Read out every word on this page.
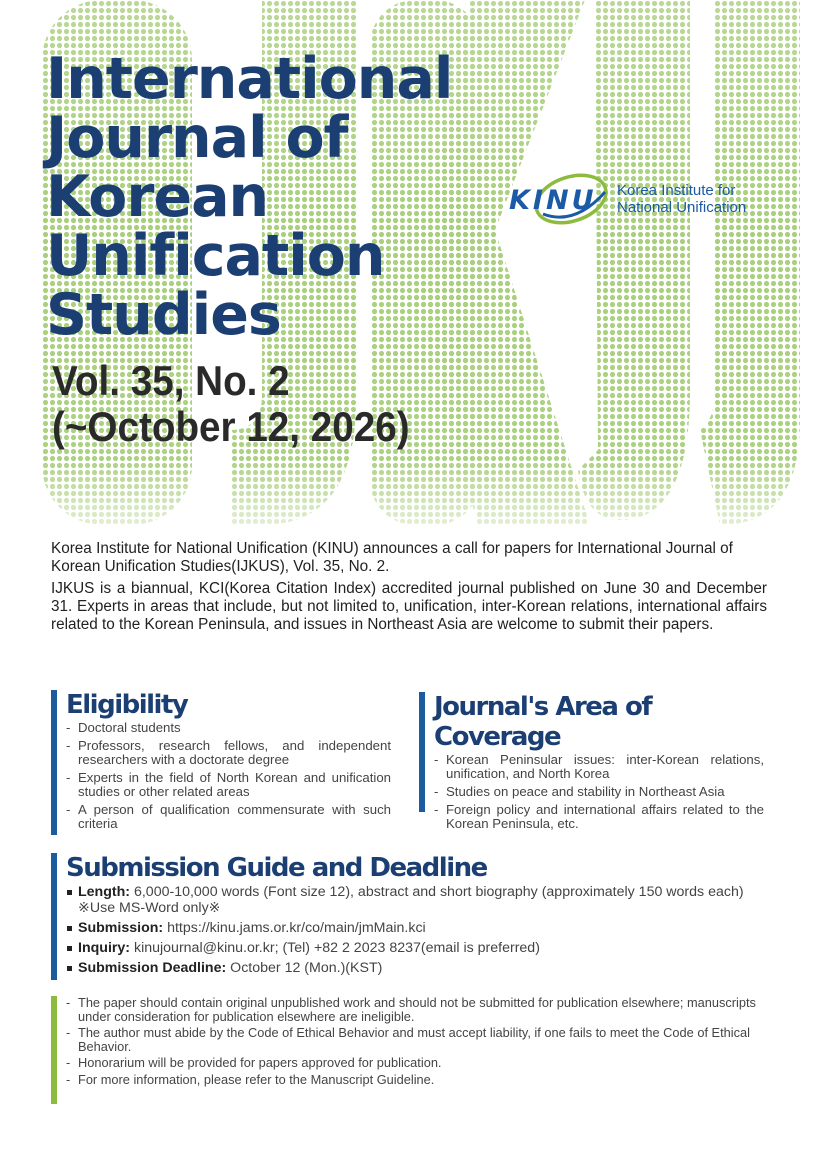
International
Journal of
Korean
Unification
Studies
Vol. 35, No. 2
(~October 12, 2026)
KINU Korea Institute for
National Unification

Korea Institute for National Unification (KINU) announces a call for papers for International Journal of Korean Unification Studies(IJKUS), Vol. 35, No. 2.

IJKUS is a biannual, KCI(Korea Citation Index) accredited journal published on June 30 and December 31. Experts in areas that include, but not limited to, unification, inter-Korean relations, international affairs related to the Korean Peninsula, and issues in Northeast Asia are welcome to submit their papers.

Eligibility
- Doctoral students
- Professors, research fellows, and independent researchers with a doctorate degree
- Experts in the field of North Korean and unification studies or other related areas
- A person of qualification commensurate with such criteria
Journal's Area of Coverage
- Korean Peninsular issues: inter-Korean relations, unification, and North Korea
- Studies on peace and stability in Northeast Asia
- Foreign policy and international affairs related to the Korean Peninsula, etc.
Submission Guide and Deadline
Length: 6,000-10,000 words (Font size 12), abstract and short biography (approximately 150 words each) ※Use MS-Word only※
Submission: https://kinu.jams.or.kr/co/main/jmMain.kci
Inquiry: kinujournal@kinu.or.kr; (Tel) +82 2 2023 8237(email is preferred)
Submission Deadline: October 12 (Mon.)(KST)
- The paper should contain original unpublished work and should not be submitted for publication elsewhere; manuscripts under consideration for publication elsewhere are ineligible.
- The author must abide by the Code of Ethical Behavior and must accept liability, if one fails to meet the Code of Ethical Behavior.
- Honorarium will be provided for papers approved for publication.
- For more information, please refer to the Manuscript Guideline.
